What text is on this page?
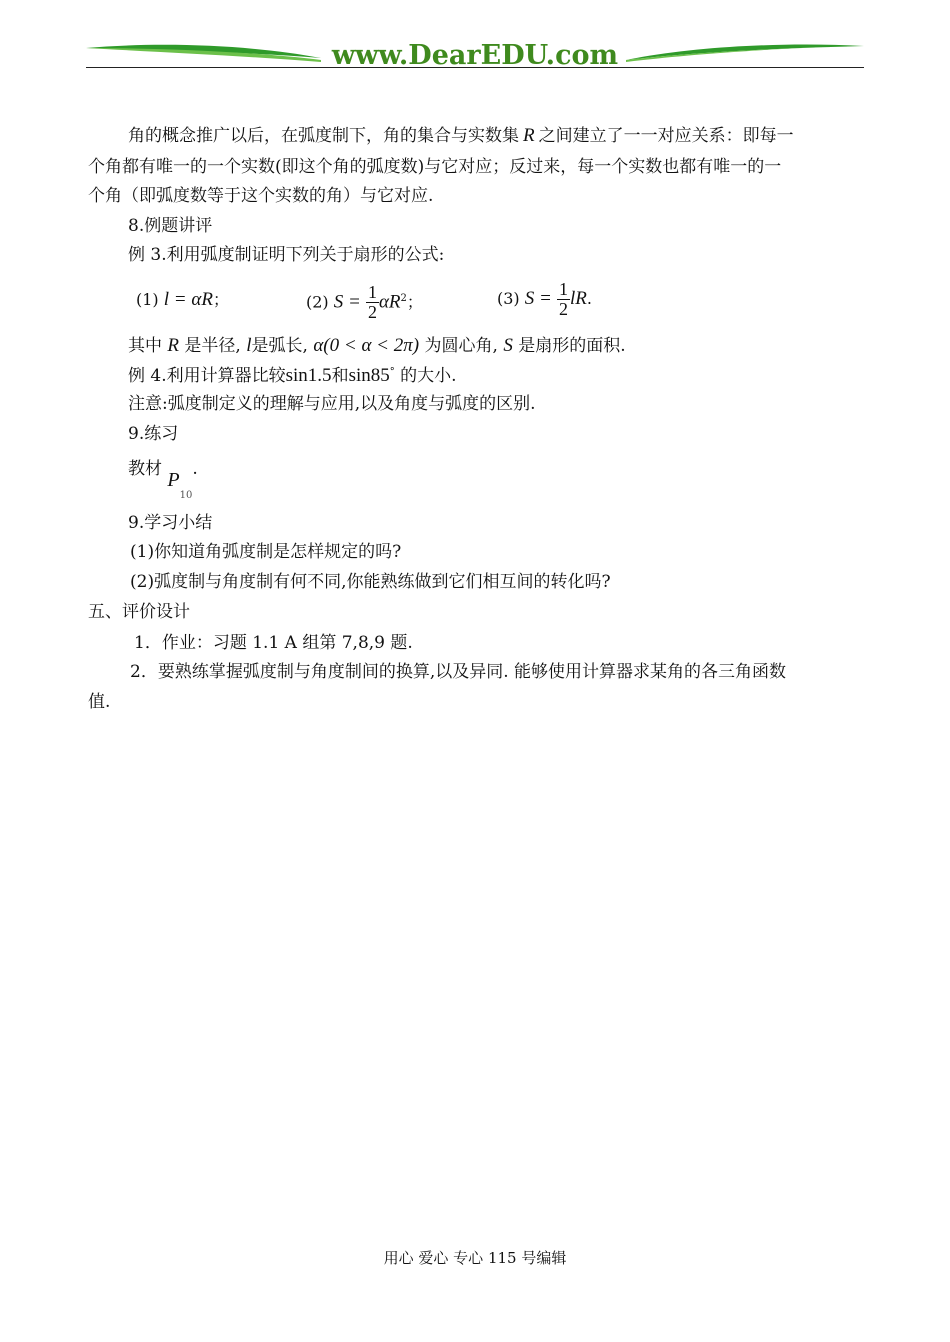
www.DearEDU.com
角的概念推广以后，在弧度制下，角的集合与实数集 R 之间建立了一一对应关系：即每一
个角都有唯一的一个实数(即这个角的弧度数)与它对应；反过来，每一个实数也都有唯一的一
个角（即弧度数等于这个实数的角）与它对应.
8.例题讲评
例 3.利用弧度制证明下列关于扇形的公式:
(1) l = αR；	(2) $S = \frac{1}{2} \alpha R^2$；	(3) $S = \frac{1}{2}$ lR.
其中 R 是半径, l是弧长, α(0 < α < 2π) 为圆心角, S 是扇形的面积.
例 4.利用计算器比较sin1.5和sin85° 的大小.
注意:弧度制定义的理解与应用,以及角度与弧度的区别.
9.练习
教材 $P_{10}$.
9.学习小结
(1)你知道角弧度制是怎样规定的吗?
(2)弧度制与角度制有何不同,你能熟练做到它们相互间的转化吗?
五、评价设计
1．作业：习题 1.1 A 组第 7,8,9 题.
2．要熟练掌握弧度制与角度制间的换算,以及异同. 能够使用计算器求某角的各三角函数
值.
用心 爱心 专心 115 号编辑
